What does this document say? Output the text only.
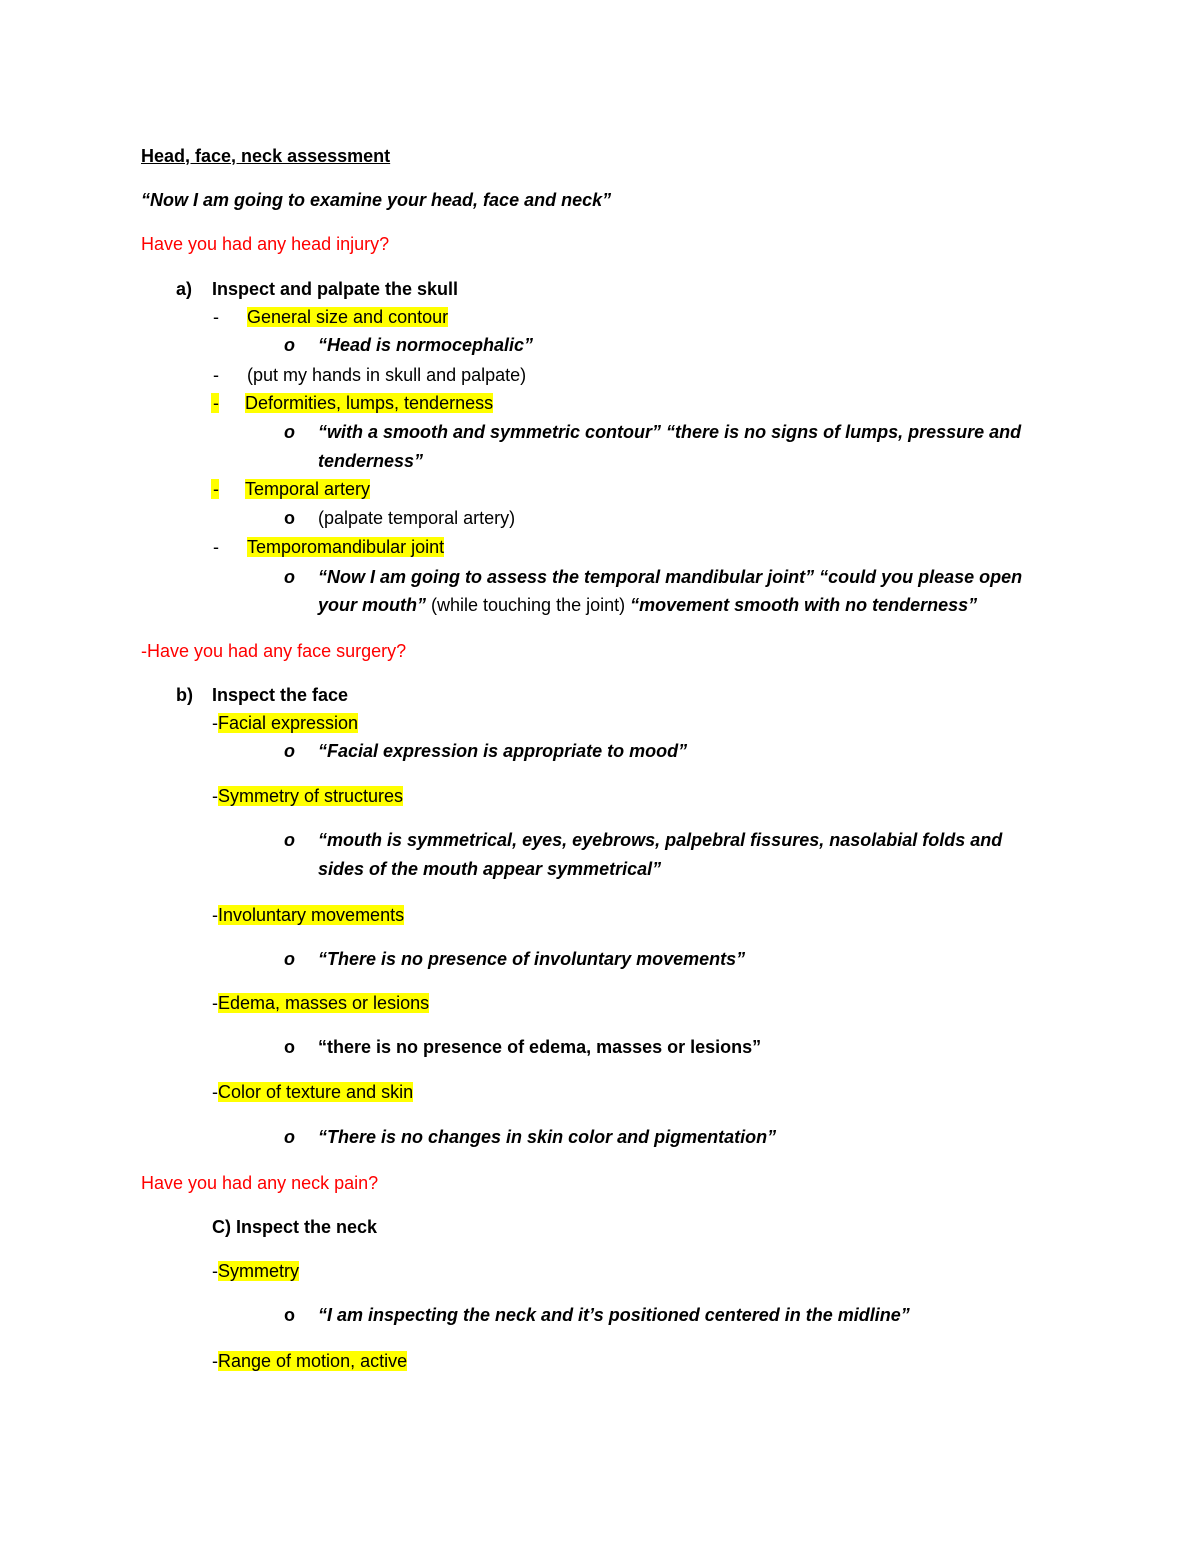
Head, face, neck assessment
“Now I am going to examine your head, face and neck”
Have you had any head injury?
a) Inspect and palpate the skull
- General size and contour
o “Head is normocephalic”
- (put my hands in skull and palpate)
- Deformities, lumps, tenderness
o “with a smooth and symmetric contour” “there is no signs of lumps, pressure and
tenderness”
- Temporal artery
o (palpate temporal artery)
- Temporomandibular joint
o “Now I am going to assess the temporal mandibular joint” “could you please open
your mouth” (while touching the joint) “movement smooth with no tenderness”
-Have you had any face surgery?
b) Inspect the face
-Facial expression
o “Facial expression is appropriate to mood”
-Symmetry of structures
o “mouth is symmetrical, eyes, eyebrows, palpebral fissures, nasolabial folds and
sides of the mouth appear symmetrical”
-Involuntary movements
o “There is no presence of involuntary movements”
-Edema, masses or lesions
o “there is no presence of edema, masses or lesions”
-Color of texture and skin
o “There is no changes in skin color and pigmentation”
Have you had any neck pain?
C) Inspect the neck
-Symmetry
o “I am inspecting the neck and it’s positioned centered in the midline”
-Range of motion, active
